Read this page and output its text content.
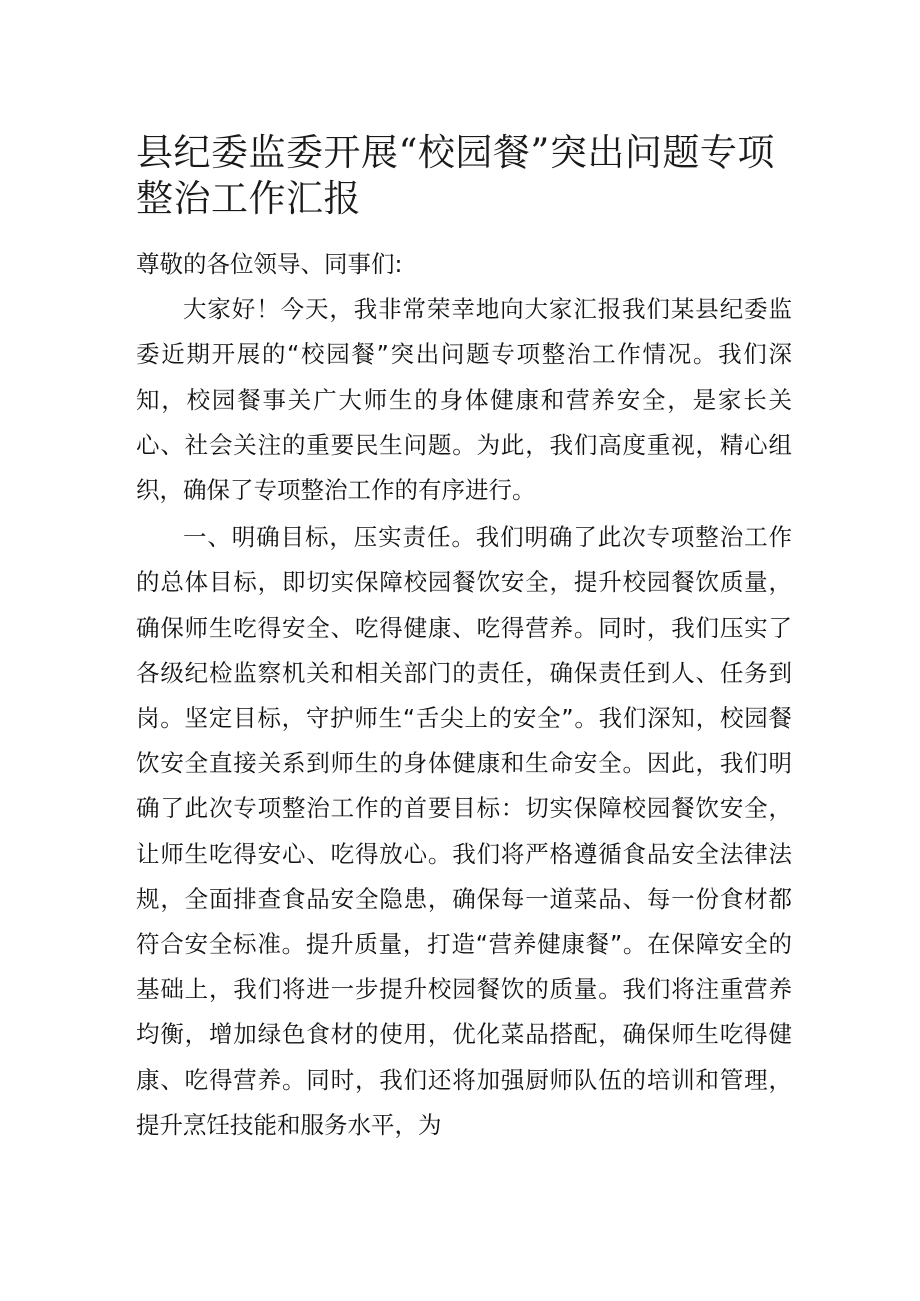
县纪委监委开展“校园餐”突出问题专项整治工作汇报

尊敬的各位领导、同事们:

大家好！今天，我非常荣幸地向大家汇报我们某县纪委监委近期开展的“校园餐”突出问题专项整治工作情况。我们深知，校园餐事关广大师生的身体健康和营养安全，是家长关心、社会关注的重要民生问题。为此，我们高度重视，精心组织，确保了专项整治工作的有序进行。

一、明确目标，压实责任。我们明确了此次专项整治工作的总体目标，即切实保障校园餐饮安全，提升校园餐饮质量，确保师生吃得安全、吃得健康、吃得营养。同时，我们压实了各级纪检监察机关和相关部门的责任，确保责任到人、任务到岗。坚定目标，守护师生“舌尖上的安全”。我们深知，校园餐饮安全直接关系到师生的身体健康和生命安全。因此，我们明确了此次专项整治工作的首要目标：切实保障校园餐饮安全，让师生吃得安心、吃得放心。我们将严格遵循食品安全法律法规，全面排查食品安全隐患，确保每一道菜品、每一份食材都符合安全标准。提升质量，打造“营养健康餐”。在保障安全的基础上，我们将进一步提升校园餐饮的质量。我们将注重营养均衡，增加绿色食材的使用，优化菜品搭配，确保师生吃得健康、吃得营养。同时，我们还将加强厨师队伍的培训和管理，提升烹饪技能和服务水平，为
